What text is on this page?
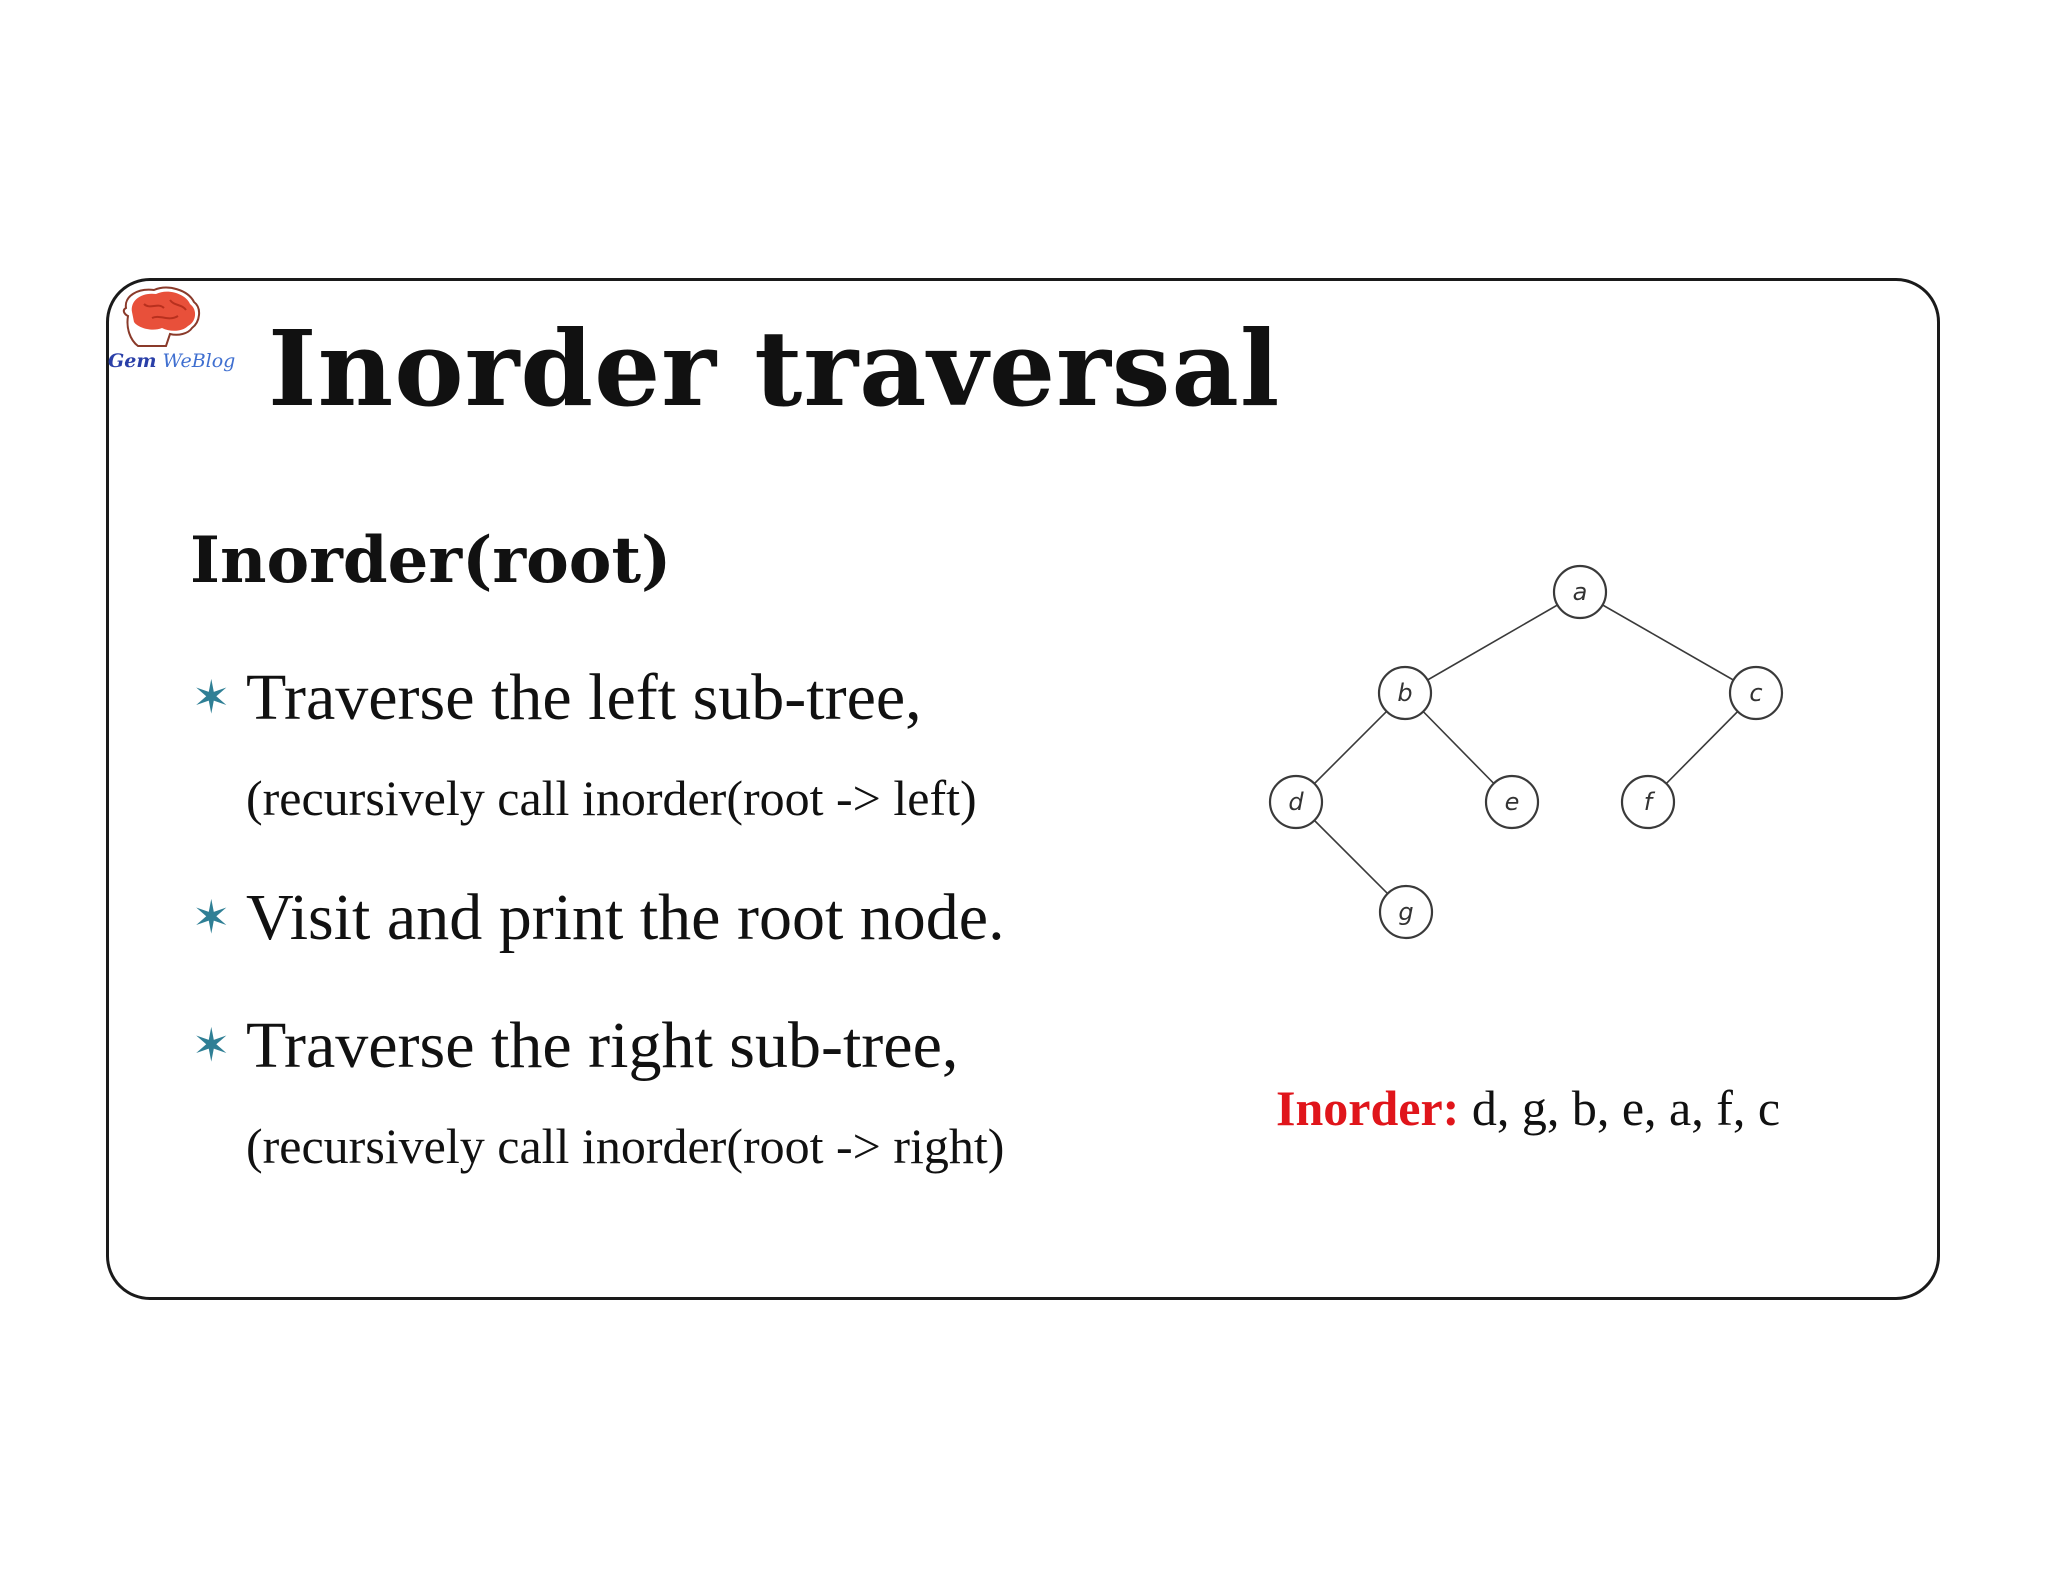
Gem WeBlog Inorder traversal
Inorder(root)
✶ Traverse the left sub-tree,
(recursively call inorder(root -> left)
✶ Visit and print the root node.
✶ Traverse the right sub-tree,
(recursively call inorder(root -> right)
a
b	c
d	e	f
g
Inorder: d, g, b, e, a, f, c
